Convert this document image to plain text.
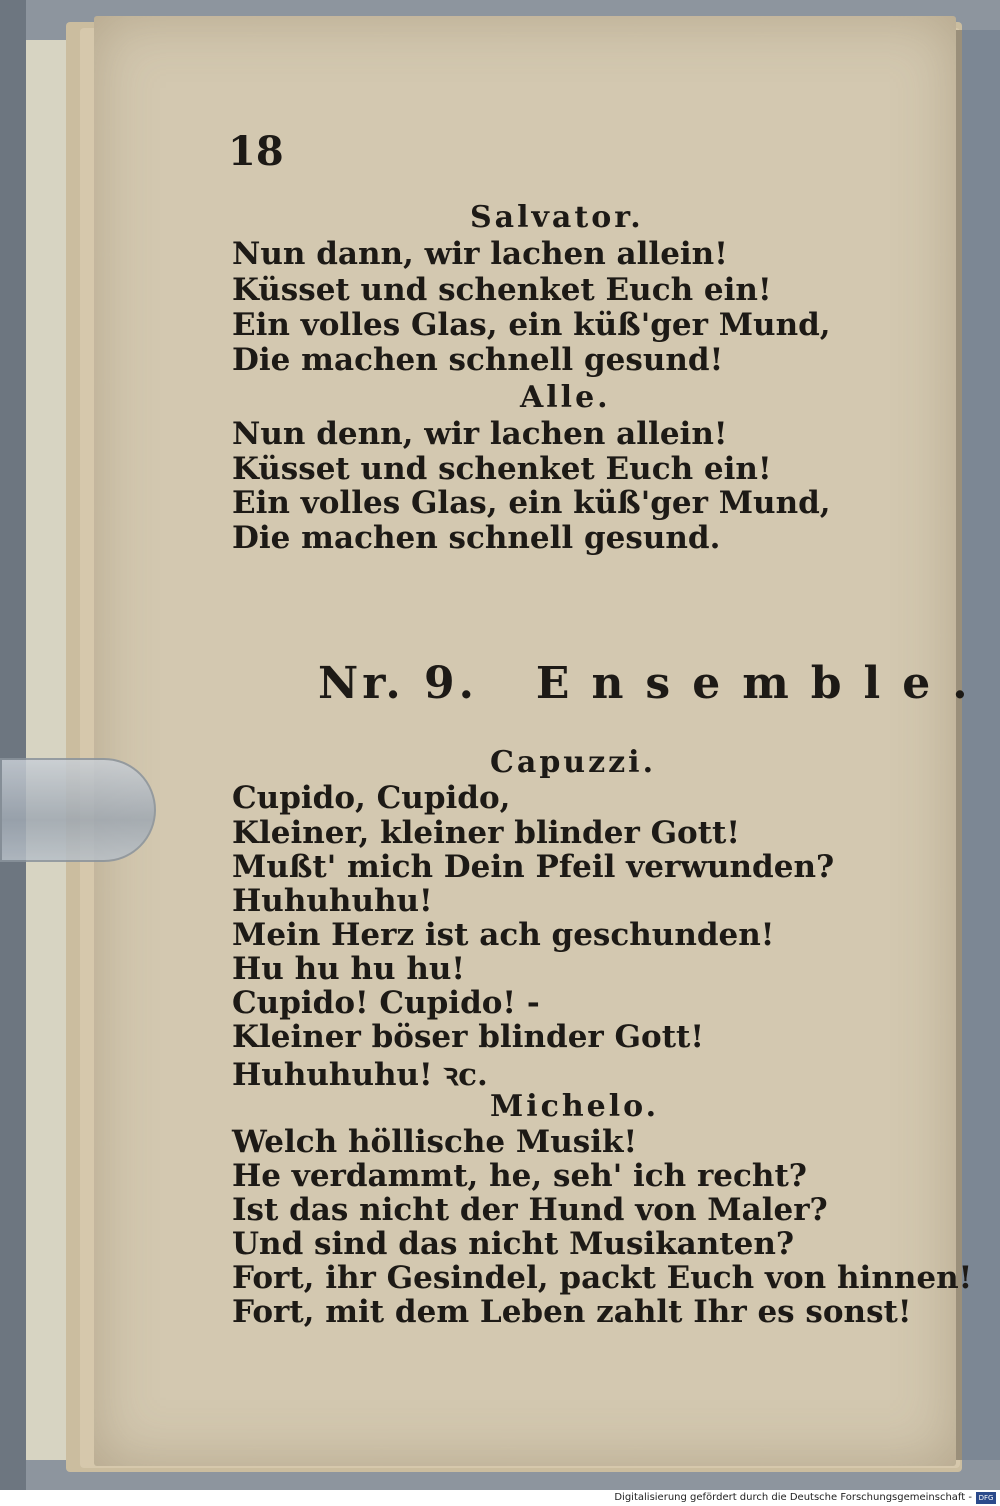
18
Salvator.
Nun dann, wir lachen allein!
Küsset und schenket Euch ein!
Ein volles Glas, ein küß'ger Mund,
Die machen schnell gesund!
Alle.
Nun denn, wir lachen allein!
Küsset und schenket Euch ein!
Ein volles Glas, ein küß'ger Mund,
Die machen schnell gesund.
Nr. 9. Ensemble.
Capuzzi.
Cupido, Cupido,
Kleiner, kleiner blinder Gott!
Mußt' mich Dein Pfeil verwunden?
Huhuhuhu!
Mein Herz ist ach geschunden!
Hu hu hu hu!
Cupido! Cupido! -
Kleiner böser blinder Gott!
Huhuhuhu! ꝛc.
Michelo.
Welch höllische Musik!
He verdammt, he, seh' ich recht?
Ist das nicht der Hund von Maler?
Und sind das nicht Musikanten?
Fort, ihr Gesindel, packt Euch von hinnen!
Fort, mit dem Leben zahlt Ihr es sonst!
Digitalisierung gefördert durch die Deutsche Forschungsgemeinschaft - DFG
